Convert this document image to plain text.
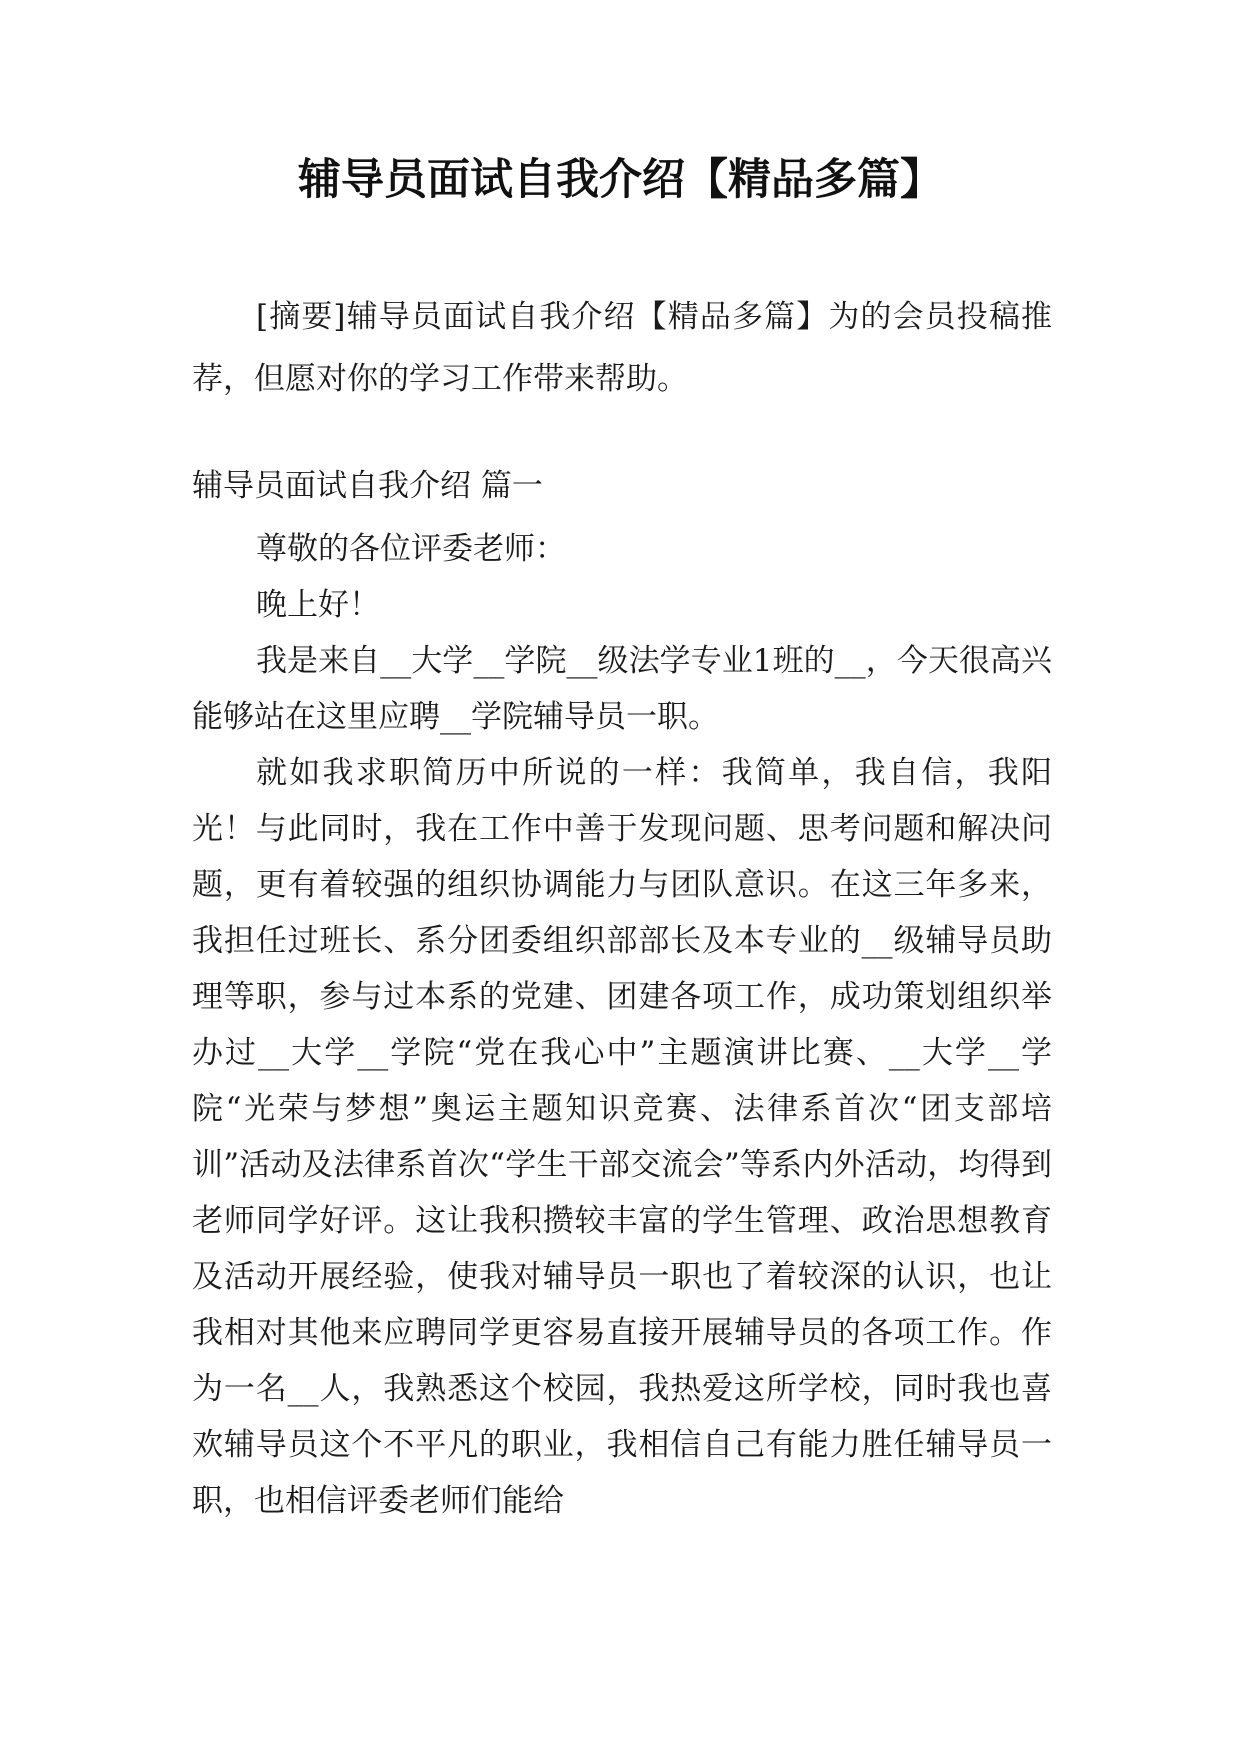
辅导员面试自我介绍【精品多篇】

[摘要]辅导员面试自我介绍【精品多篇】为的会员投稿推荐，但愿对你的学习工作带来帮助。

辅导员面试自我介绍 篇一

尊敬的各位评委老师：

晚上好！

我是来自__大学__学院__级法学专业1班的__，今天很高兴能够站在这里应聘__学院辅导员一职。

就如我求职简历中所说的一样：我简单，我自信，我阳光！与此同时，我在工作中善于发现问题、思考问题和解决问题，更有着较强的组织协调能力与团队意识。在这三年多来，我担任过班长、系分团委组织部部长及本专业的__级辅导员助理等职，参与过本系的党建、团建各项工作，成功策划组织举办过__大学__学院“党在我心中”主题演讲比赛、__大学__学院“光荣与梦想”奥运主题知识竞赛、法律系首次“团支部培训”活动及法律系首次“学生干部交流会”等系内外活动，均得到老师同学好评。这让我积攒较丰富的学生管理、政治思想教育及活动开展经验，使我对辅导员一职也了着较深的认识，也让我相对其他来应聘同学更容易直接开展辅导员的各项工作。作为一名__人，我熟悉这个校园，我热爱这所学校，同时我也喜欢辅导员这个不平凡的职业，我相信自己有能力胜任辅导员一职，也相信评委老师们能给
